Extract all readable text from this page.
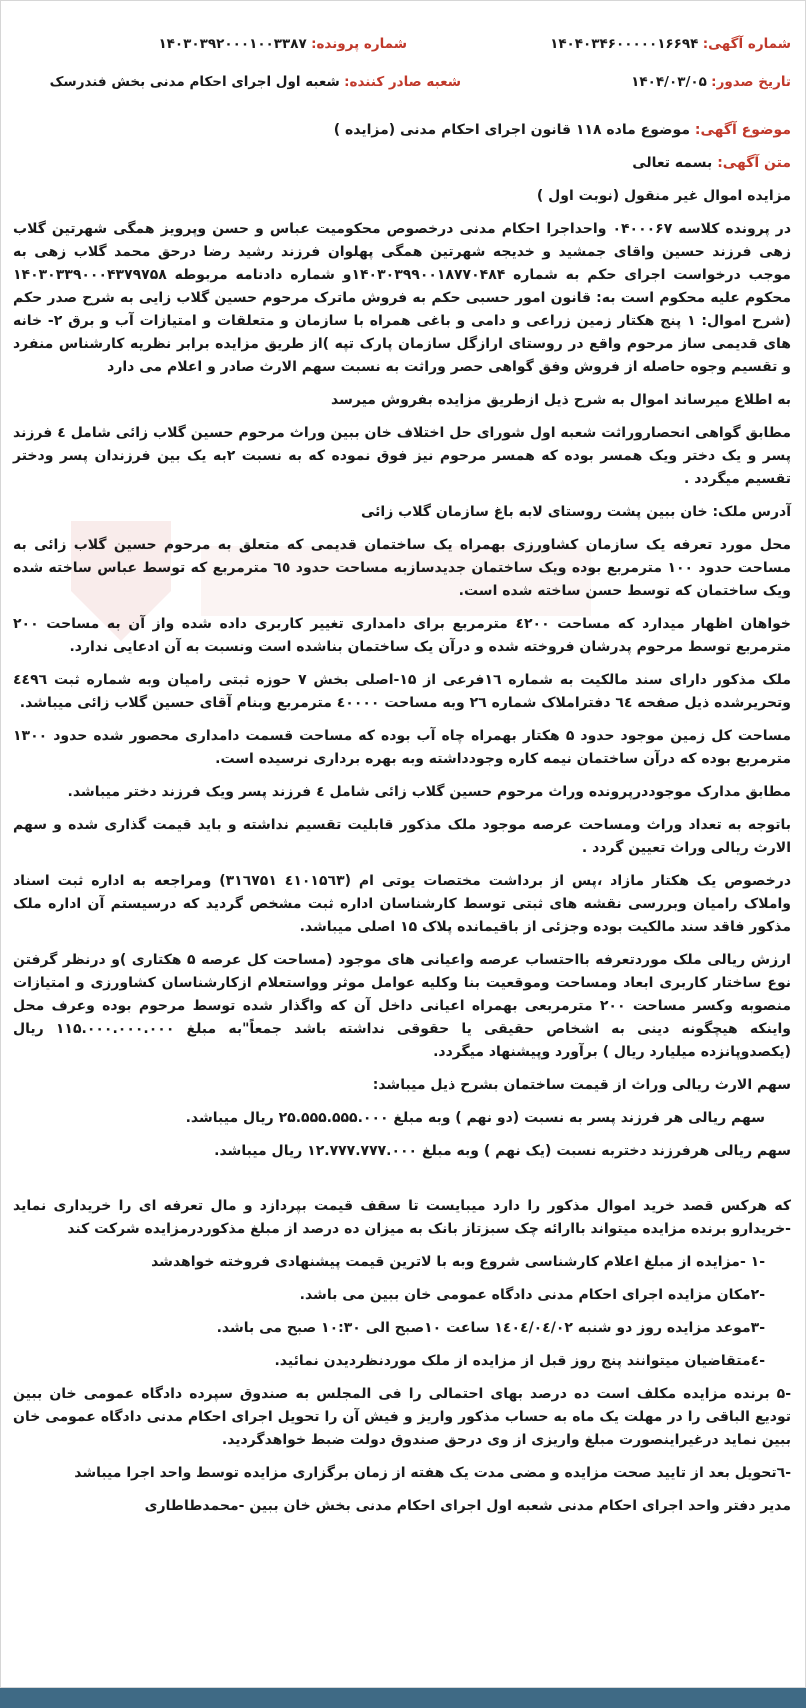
شماره آگهی: ۱۴۰۴۰۳۴۶۰۰۰۰۰۱۶۶۹۴
شماره پرونده: ۱۴۰۳۰۳۹۲۰۰۰۱۰۰۳۳۸۷
تاریخ صدور: ۱۴۰۴/۰۳/۰۵
شعبه صادر کننده: شعبه اول اجرای احکام مدنی بخش فندرسک

موضوع آگهی: موضوع ماده ۱۱۸ قانون اجرای احکام مدنی (مزایده )

متن آگهی: بسمه تعالی

مزایده اموال غیر منقول (نوبت اول )

در پرونده کلاسه ۰۴۰۰۰۶۷ واحداجرا احکام مدنی درخصوص محکومیت عباس و حسن وپرویز همگی شهرتین گلاب زهی فرزند حسین واقای جمشید و خدیجه شهرتین همگی پهلوان فرزند رشید رضا درحق محمد گلاب زهی به موجب درخواست اجرای حکم به شماره ۱۴۰۳۰۳۹۹۰۰۱۸۷۷۰۴۸۴و شماره دادنامه مربوطه ۱۴۰۳۰۳۳۹۰۰۰۴۳۷۹۷۵۸ محکوم علیه محکوم است به: قانون امور حسبی حکم به فروش ماترک مرحوم حسین گلاب زایی به شرح صدر حکم (شرح اموال: ۱ پنج هکتار زمین زراعی و دامی و باغی همراه با سازمان و متعلقات و امتیازات آب و برق ۲- خانه های قدیمی ساز مرحوم واقع در روستای ارازگل سازمان پارک تپه )از طریق مزایده برابر نظریه کارشناس منفرد و تقسیم وجوه حاصله از فروش وفق گواهی حصر وراثت به نسبت سهم الارث صادر و اعلام می دارد

به اطلاع میرساند اموال به شرح ذیل ازطریق مزایده بفروش میرسد

مطابق گواهی انحصاروراثت شعبه اول شورای حل اختلاف خان ببین وراث مرحوم حسین گلاب زائی شامل ٤ فرزند پسر و یک دختر ویک همسر بوده که همسر مرحوم نیز فوق نموده که به نسبت ۲به یک بین فرزندان پسر ودختر تقسیم میگردد .

آدرس ملک: خان ببین پشت روستای لابه باغ سازمان گلاب زائی

محل مورد تعرفه یک سازمان کشاورزی بهمراه یک ساختمان قدیمی که متعلق به مرحوم حسین گلاب زائی به مساحت حدود ۱۰۰ مترمربع بوده ویک ساختمان جدیدسازبه مساحت حدود ٦٥ مترمربع که توسط عباس ساخته شده ویک ساختمان که توسط حسن ساخته شده است.

خواهان اظهار میدارد که مساحت ٤٢٠٠ مترمربع برای دامداری تغییر کاربری داده شده واز آن به مساحت ۲۰۰ مترمربع توسط مرحوم پدرشان فروخته شده و درآن یک ساختمان بناشده است ونسبت به آن ادعایی ندارد.

ملک مذکور دارای سند مالکیت به شماره ۱٦فرعی از ۱۵-اصلی بخش ۷ حوزه ثبتی رامیان وبه شماره ثبت ٤٤٩٦ وتحریرشده ذیل صفحه ٦٤ دفتراملاک شماره ۲٦ وبه مساحت ٤۰۰۰۰ مترمربع وبنام آقای حسین گلاب زائی میباشد.

مساحت کل زمین موجود حدود ۵ هکتار بهمراه چاه آب بوده که مساحت قسمت دامداری محصور شده حدود ۱۳۰۰ مترمربع بوده که درآن ساختمان نیمه کاره وجودداشته وبه بهره برداری نرسیده است.

مطابق مدارک موجوددرپرونده وراث مرحوم حسین گلاب زائی شامل ٤ فرزند پسر ویک فرزند دختر میباشد.

باتوجه به تعداد وراث ومساحت عرصه موجود ملک مذکور قابلیت تقسیم نداشته و باید قیمت گذاری شده و سهم الارث ریالی وراث تعیین گردد .

درخصوص یک هکتار مازاد ،پس از برداشت مختصات یوتی ام (٤۱۰۱۵٦۳ ۳۱٦۷۵۱) ومراجعه به اداره ثبت اسناد واملاک رامیان وبررسی نقشه های ثبتی توسط کارشناسان اداره ثبت مشخص گردید که درسیستم آن اداره ملک مذکور فاقد سند مالکیت بوده وجزئی از باقیمانده پلاک ۱۵ اصلی میباشد.

ارزش ریالی ملک موردتعرفه بااحتساب عرصه واعیانی های موجود (مساحت کل عرصه ۵ هکتاری )و درنظر گرفتن نوع ساختار کاربری ابعاد ومساحت وموقعیت بنا وکلیه عوامل موثر وواستعلام ازکارشناسان کشاورزی و امتیازات منصوبه وکسر مساحت ۲۰۰ مترمربعی بهمراه اعیانی داخل آن که واگذار شده توسط مرحوم بوده وعرف محل واینکه هیچگونه دینی به اشخاص حقیقی یا حقوقی نداشته باشد جمعاً"به مبلغ ۱۱۵.۰۰۰.۰۰۰.۰۰۰ ریال (یکصدوپانزده میلیارد ریال ) برآورد وپیشنهاد میگردد.

سهم الارث ریالی وراث از قیمت ساختمان بشرح ذیل میباشد:

سهم ریالی هر فرزند پسر به نسبت (دو نهم ) وبه مبلغ ۲۵.۵۵۵.۵۵۵.۰۰۰ ریال میباشد.

سهم ریالی هرفرزند دختربه نسبت (یک نهم ) وبه مبلغ ۱۲.۷۷۷.۷۷۷.۰۰۰ ریال میباشد.

که هرکس قصد خرید اموال مذکور را دارد میبایست تا سقف قیمت بپردازد و مال تعرفه ای را خریداری نماید -خریدارو برنده مزایده میتواند باارائه چک سبزتاز بانک به میزان ده درصد از مبلغ مذکوردرمزایده شرکت کند

-۱ -مزایده از مبلغ اعلام کارشناسی شروع وبه با لاترین قیمت پیشنهادی فروخته خواهدشد

-۲مکان مزایده اجرای احکام مدنی دادگاه عمومی خان ببین می باشد.

-۳موعد مزایده روز دو شنبه ۱٤۰٤/۰٤/۰۲ ساعت ۱۰صبح الی ۱۰:۳۰ صبح می باشد.

-٤متقاضیان میتوانند پنج روز قبل از مزایده از ملک موردنظردیدن نمائید.

-۵ برنده مزایده مکلف است ده درصد بهای احتمالی را فی المجلس به صندوق سپرده دادگاه عمومی خان ببین تودیع الباقی را در مهلت یک ماه به حساب مذکور واریز و فیش آن را تحویل اجرای احکام مدنی دادگاه عمومی خان ببین نماید درغیراینصورت مبلغ واریزی از وی درحق صندوق دولت ضبط خواهدگردید.

-٦تحویل بعد از تایید صحت مزایده و مضی مدت یک هفته از زمان برگزاری مزایده توسط واحد اجرا میباشد

مدیر دفتر واحد اجرای احکام مدنی شعبه اول اجرای احکام مدنی بخش خان ببین -محمدطاطاری
